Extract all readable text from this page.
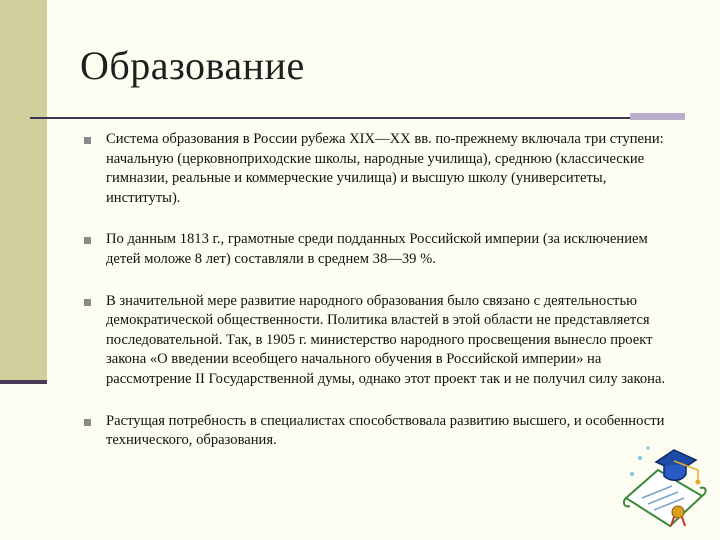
Образование
Система образования в России рубежа XIX—XX вв. по-прежнему включала три ступени: начальную (церковноприходские школы, народные училища), среднюю (классические гимназии, реальные и коммерческие училища) и высшую школу (университеты, институты).
По данным 1813 г., грамотные среди подданных Российской империи (за исключением детей моложе 8 лет) составляли в среднем 38—39 %.
В значительной мере развитие народного образования было связано с деятельностью демократической общественности. Политика властей в этой области не представляется последовательной. Так, в 1905 г. министерство народного просвещения вынесло проект закона «О введении всеобщего начального обучения в Российской империи» на рассмотрение II Государственной думы, однако этот проект так и не получил силу закона.
Растущая потребность в специалистах способствовала развитию высшего, и особенности технического, образования.
